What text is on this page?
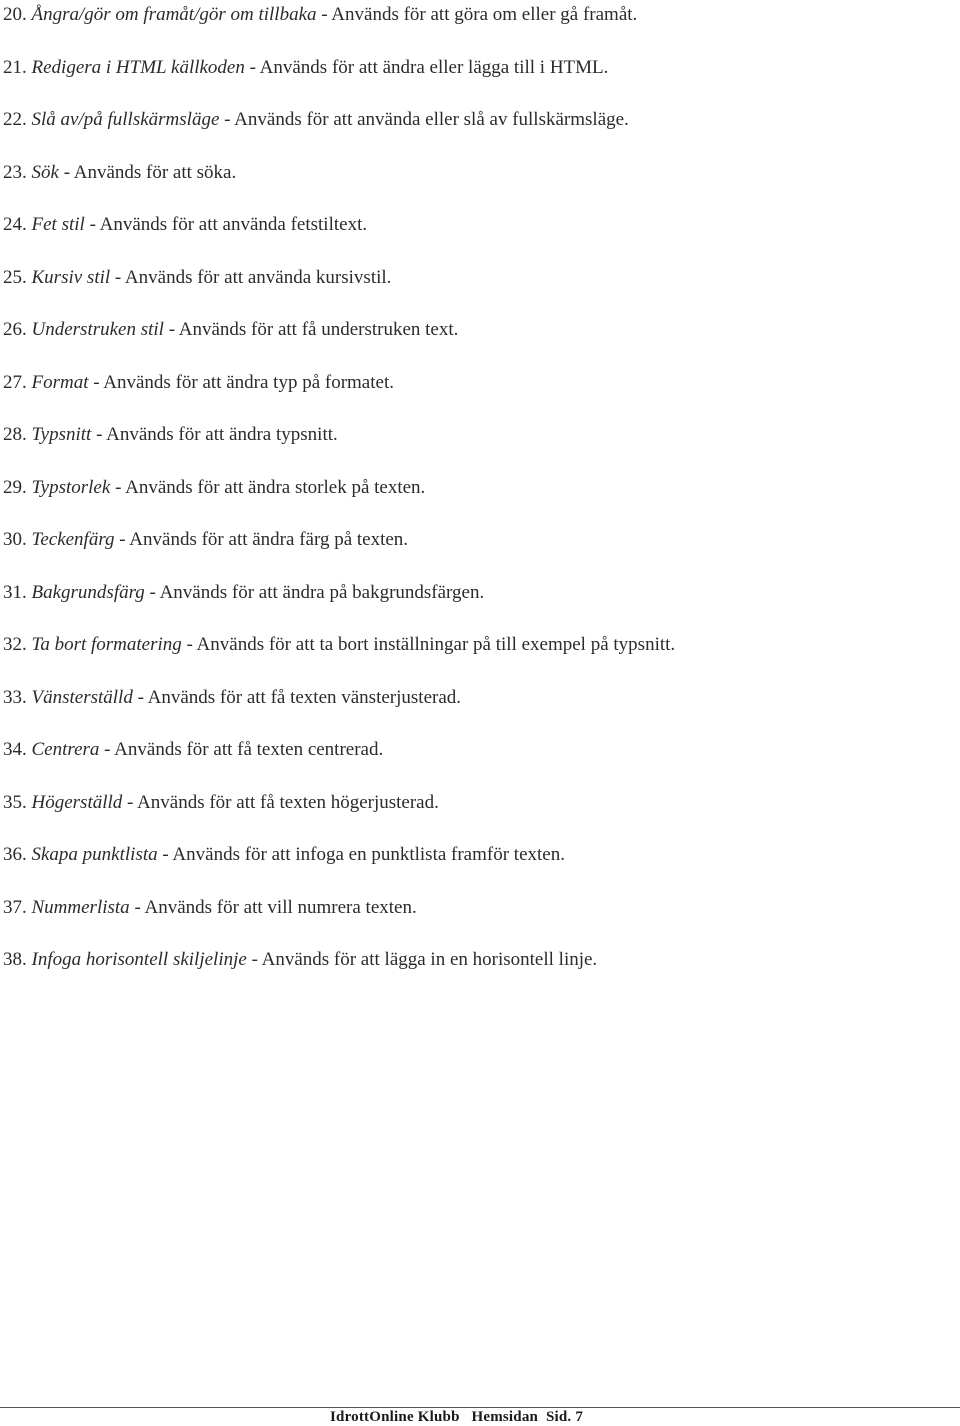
20. Ångra/gör om framåt/gör om tillbaka - Används för att göra om eller gå framåt.
21. Redigera i HTML källkoden - Används för att ändra eller lägga till i HTML.
22. Slå av/på fullskärmsläge - Används för att använda eller slå av fullskärmsläge.
23. Sök - Används för att söka.
24. Fet stil - Används för att använda fetstiltext.
25. Kursiv stil - Används för att använda kursivstil.
26. Understruken stil - Används för att få understruken text.
27. Format - Används för att ändra typ på formatet.
28. Typsnitt - Används för att ändra typsnitt.
29. Typstorlek - Används för att ändra storlek på texten.
30. Teckenfärg - Används för att ändra färg på texten.
31. Bakgrundsfärg - Används för att ändra på bakgrundsfärgen.
32. Ta bort formatering - Används för att ta bort inställningar på till exempel på typsnitt.
33. Vänsterställd - Används för att få texten vänsterjusterad.
34. Centrera - Används för att få texten centrerad.
35. Högerställd - Används för att få texten högerjusterad.
36. Skapa punktlista - Används för att infoga en punktlista framför texten.
37. Nummerlista - Används för att vill numrera texten.
38. Infoga horisontell skiljelinje - Används för att lägga in en horisontell linje.
IdrottOnline Klubb   Hemsidan  Sid. 7
